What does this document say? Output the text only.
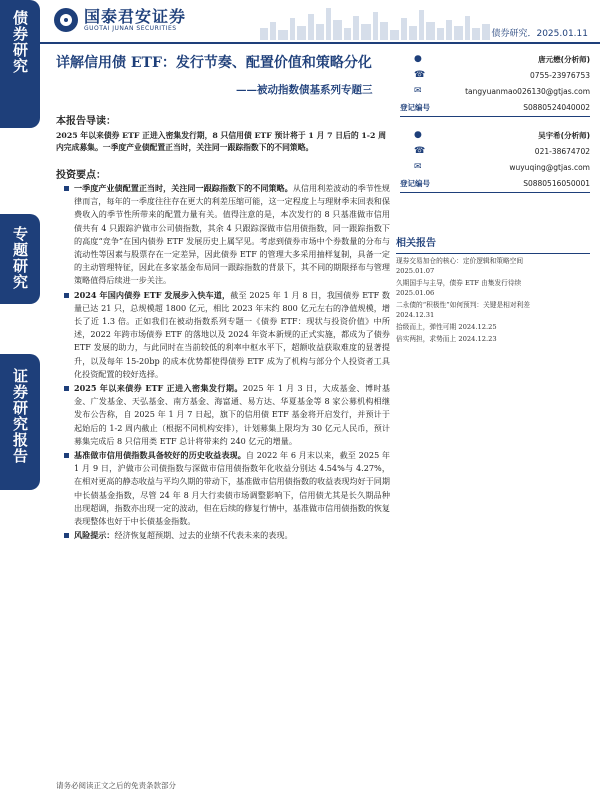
债券研究
专题研究
证券研究报告
国泰君安证券
GUOTAI JUNAN SECURITIES
债券研究．2025.01.11
详解信用债 ETF：发行节奏、配置价值和策略分化
——被动指数债基系列专题三
●	唐元懋(分析师)
☎	0755-23976753
✉	tangyuanmao026130@gtjas.com
登记编号	S0880524040002
●	吴宇希(分析师)
☎	021-38674702
✉	wuyuqing@gtjas.com
登记编号	S0880516050001
本报告导读：
2025 年以来债券 ETF 正进入密集发行期，8 只信用债 ETF 预计将于 1 月 7 日后的 1-2 周内完成募集。一季度产业债配置正当时，关注同一跟踪指数下的不同策略。
投资要点：
一季度产业债配置正当时，关注同一跟踪指数下的不同策略。从信用利差波动的季节性规律而言，每年的一季度往往存在更大的利差压缩可能，这一定程度上与理财季末回表和保费收入的季节性所带来的配置力量有关。值得注意的是，本次发行的 8 只基准做市信用债共有 4 只跟踪沪做市公司债指数，其余 4 只跟踪深做市信用债指数，同一跟踪指数下的高度“竞争”在国内债券 ETF 发展历史上属罕见。考虑到债券市场中个券数量的分布与流动性等因素与股票存在一定差异，因此债券 ETF 的管理大多采用抽样复制，具备一定的主动管理特征，因此在多家基金布局同一跟踪指数的背景下，其不同的期限择布与管理策略值得后续进一步关注。
2024 年国内债券 ETF 发展步入快车道，截至 2025 年 1 月 8 日，我国债券 ETF 数量已达 21 只，总规模超 1800 亿元，相比 2023 年末约 800 亿元左右的净值规模，增长了近 1.3 倍。正如我们在被动指数系列专题一《债券 ETF：现状与投资价值》中所述，2022 年跨市场债券 ETF 的落地以及 2024 年资本新规的正式实施，都成为了债券 ETF 发展的助力，与此同时在当前较低的利率中枢水平下，超额收益获取难度的显著提升，以及每年 15-20bp 的成本优势都使得债券 ETF 成为了机构与部分个人投资者工具化投资配置的较好选择。
2025 年以来债券 ETF 正进入密集发行期。2025 年 1 月 3 日，大成基金、博时基金、广发基金、天弘基金、南方基金、海富通、易方达、华夏基金等 8 家公募机构相继发布公告称，自 2025 年 1 月 7 日起，旗下的信用债 ETF 基金将开启发行，并预计于起始后的 1-2 周内截止（根据不同机构安排），计划募集上限均为 30 亿元人民币，预计募集完成后 8 只信用类 ETF 总计将带来约 240 亿元的增量。
基准做市信用债指数具备较好的历史收益表现。自 2022 年 6 月末以来，截至 2025 年 1 月 9 日，沪做市公司债指数与深做市信用债指数年化收益分别达 4.54%与 4.27%，在相对更高的静态收益与平均久期的带动下，基准做市信用债指数的收益表现均好于同期中长债基金指数，尽管 24 年 8 月大行卖债市场调整影响下，信用债尤其是长久期品种出现超调，指数亦出现一定的波动，但在后续的修复行情中，基准做市信用债指数的恢复表现整体也好于中长债基金指数。
风险提示：经济恢复超预期、过去的业绩不代表未来的表现。
相关报告
现券交易加仓的核心：定价逻辑和策略空间
2025.01.07
久期国手与主导，债券 ETF 由集发行待续
2025.01.06
二永债的“积极性”如何预判：关键是相对利差
2024.12.31
拾级而上，弹性可期 2024.12.25
倍实两担，求势而上 2024.12.23
请务必阅读正文之后的免责条款部分
